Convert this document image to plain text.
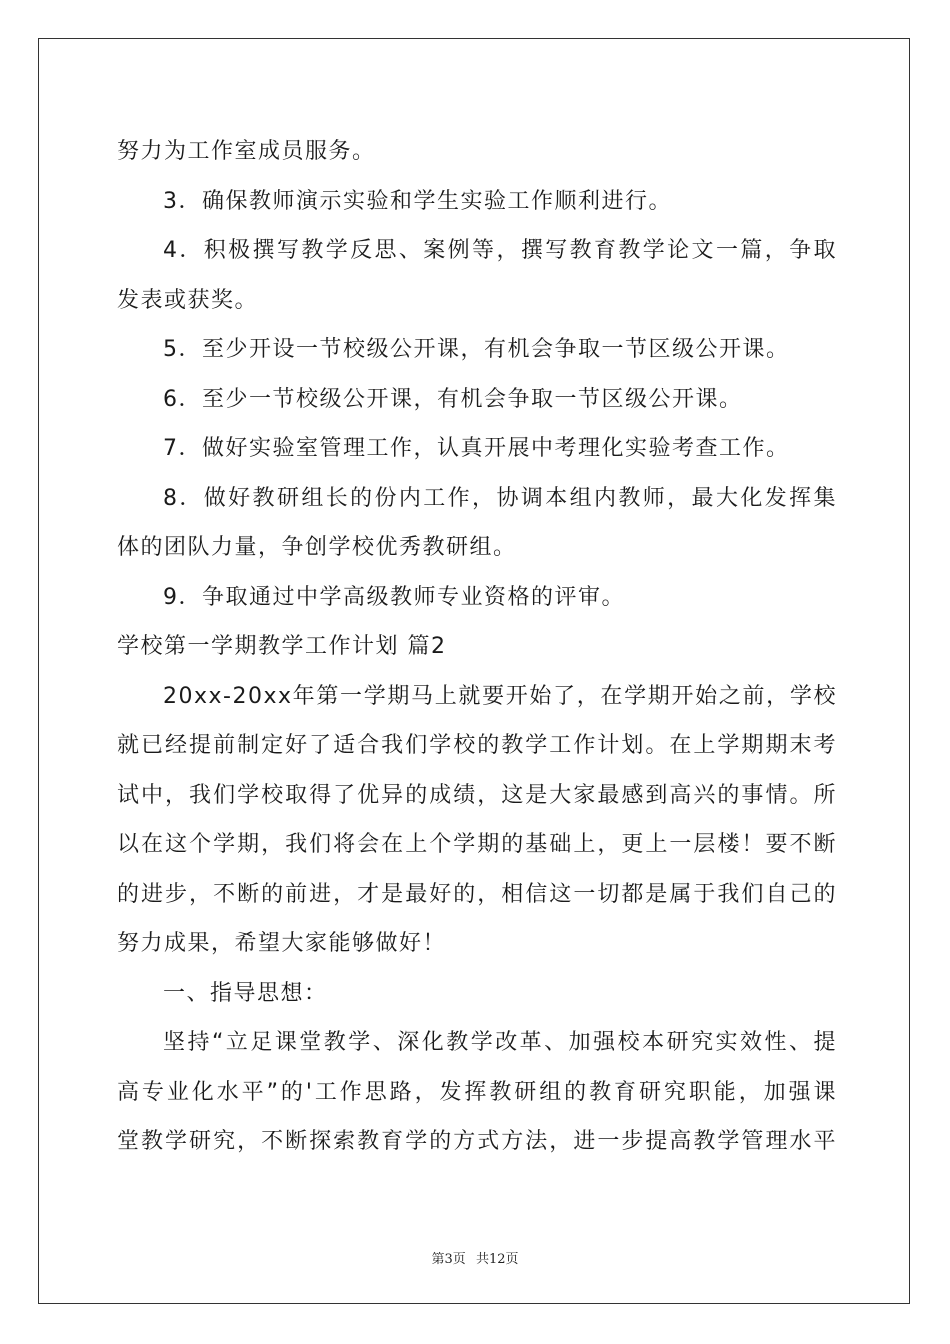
努力为工作室成员服务。
3．确保教师演示实验和学生实验工作顺利进行。
4．积极撰写教学反思、案例等，撰写教育教学论文一篇，争取
发表或获奖。
5．至少开设一节校级公开课，有机会争取一节区级公开课。
6．至少一节校级公开课，有机会争取一节区级公开课。
7．做好实验室管理工作，认真开展中考理化实验考查工作。
8．做好教研组长的份内工作，协调本组内教师，最大化发挥集
体的团队力量，争创学校优秀教研组。
9．争取通过中学高级教师专业资格的评审。
学校第一学期教学工作计划 篇2
20xx-20xx年第一学期马上就要开始了，在学期开始之前，学校
就已经提前制定好了适合我们学校的教学工作计划。在上学期期末考
试中，我们学校取得了优异的成绩，这是大家最感到高兴的事情。所
以在这个学期，我们将会在上个学期的基础上，更上一层楼！要不断
的进步，不断的前进，才是最好的，相信这一切都是属于我们自己的
努力成果，希望大家能够做好！
一、指导思想：
坚持“立足课堂教学、深化教学改革、加强校本研究实效性、提
高专业化水平”的'工作思路，发挥教研组的教育研究职能，加强课
堂教学研究，不断探索教育学的方式方法，进一步提高教学管理水平
第3页 共12页
